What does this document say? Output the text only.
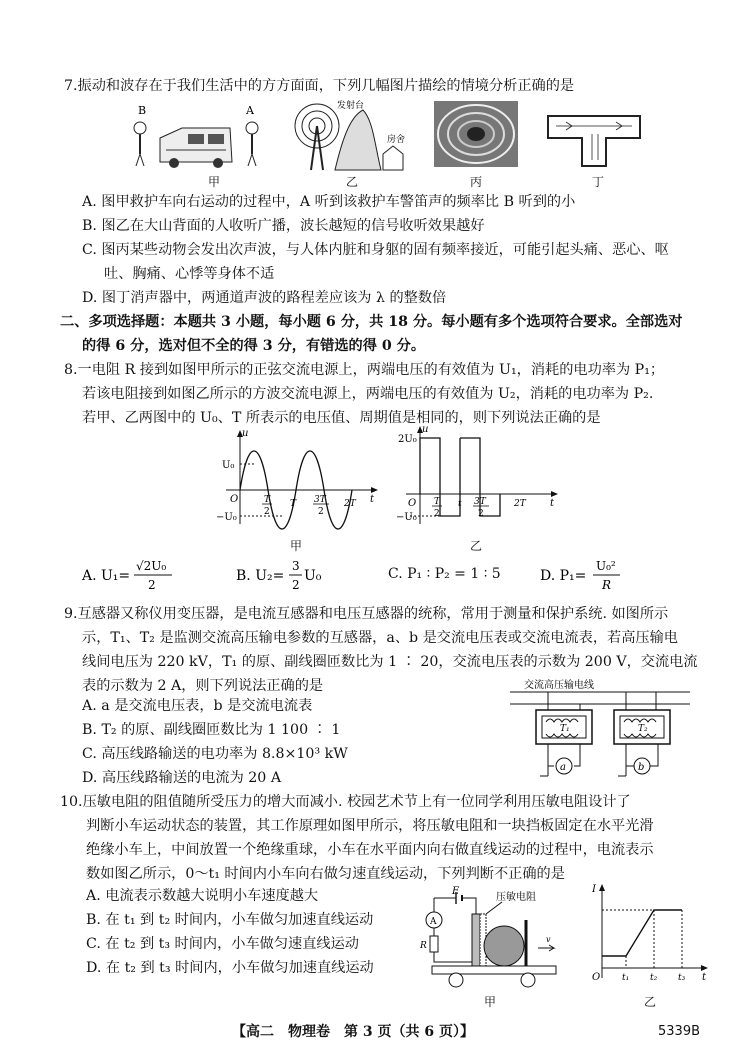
7.振动和波存在于我们生活中的方方面面，下列几幅图片描绘的情境分析正确的是
B	A	发射台
房舍
甲	乙	丙	丁
A. 图甲救护车向右运动的过程中，A 听到该救护车警笛声的频率比 B 听到的小
B. 图乙在大山背面的人收听广播，波长越短的信号收听效果越好
C. 图丙某些动物会发出次声波，与人体内脏和身躯的固有频率接近，可能引起头痛、恶心、呕
吐、胸痛、心悸等身体不适
D. 图丁消声器中，两通道声波的路程差应该为 λ 的整数倍
二、多项选择题：本题共 3 小题，每小题 6 分，共 18 分。每小题有多个选项符合要求。全部选对
的得 6 分，选对但不全的得 3 分，有错选的得 0 分。
8.一电阻 R 接到如图甲所示的正弦交流电源上，两端电压的有效值为 U₁，消耗的电功率为 P₁；
若该电阻接到如图乙所示的方波交流电源上，两端电压的有效值为 U₂，消耗的电功率为 P₂.
若甲、乙两图中的 U₀、T 所表示的电压值、周期值是相同的，则下列说法正确的是
u
U₀
−U₀
O	T
2
T 3T
2
2T t
甲
u
2U₀
−U₀
O T
2
t 3T
2
2T t
乙
A. U₁=
√2U₀
2
B. U₂=
3
2
U₀	C. P₁ ∶ P₂ = 1 ∶ 5	D. P₁=
U₀²
R
9.互感器又称仪用变压器，是电流互感器和电压互感器的统称，常用于测量和保护系统. 如图所示
示，T₁、T₂ 是监测交流高压输电参数的互感器，a、b 是交流电压表或交流电流表，若高压输电
线间电压为 220 kV，T₁ 的原、副线圈匝数比为 1 ∶ 20，交流电压表的示数为 200 V，交流电流
表的示数为 2 A，则下列说法正确的是
A. a 是交流电压表，b 是交流电流表
B. T₂ 的原、副线圈匝数比为 1 100 ∶ 1
C. 高压线路输送的电功率为 8.8×10³ kW
D. 高压线路输送的电流为 20 A
交流高压输电线
T₁
a
T₂
b
10.压敏电阻的阻值随所受压力的增大而减小. 校园艺术节上有一位同学利用压敏电阻设计了
判断小车运动状态的装置，其工作原理如图甲所示，将压敏电阻和一块挡板固定在水平光滑
绝缘小车上，中间放置一个绝缘重球，小车在水平面内向右做直线运动的过程中，电流表示
数如图乙所示，0～t₁ 时间内小车向右做匀速直线运动，下列判断不正确的是
A. 电流表示数越大说明小车速度越大
B. 在 t₁ 到 t₂ 时间内，小车做匀加速直线运动
C. 在 t₂ 到 t₃ 时间内，小车做匀速直线运动
D. 在 t₂ 到 t₃ 时间内，小车做匀加速直线运动
E
A
R
压敏电阻
v
甲
I
O t₁ t₂ t₃ t
乙
【高二　物理卷　第 3 页（共 6 页）】	5339B
